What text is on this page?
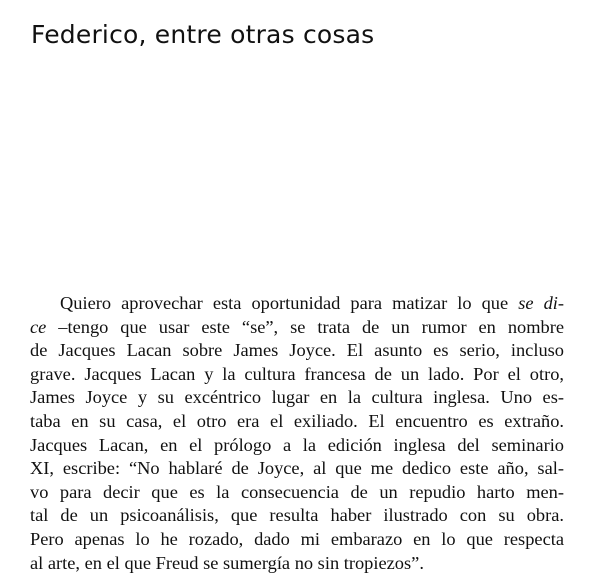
Federico, entre otras cosas
Quiero aprovechar esta oportunidad para matizar lo que se di-
ce –tengo que usar este “se”, se trata de un rumor en nombre
de Jacques Lacan sobre James Joyce. El asunto es serio, incluso
grave. Jacques Lacan y la cultura francesa de un lado. Por el otro,
James Joyce y su excéntrico lugar en la cultura inglesa. Uno es-
taba en su casa, el otro era el exiliado. El encuentro es extraño.
Jacques Lacan, en el prólogo a la edición inglesa del seminario
XI, escribe: “No hablaré de Joyce, al que me dedico este año, sal-
vo para decir que es la consecuencia de un repudio harto men-
tal de un psicoanálisis, que resulta haber ilustrado con su obra.
Pero apenas lo he rozado, dado mi embarazo en lo que respecta
al arte, en el que Freud se sumergía no sin tropiezos”.
